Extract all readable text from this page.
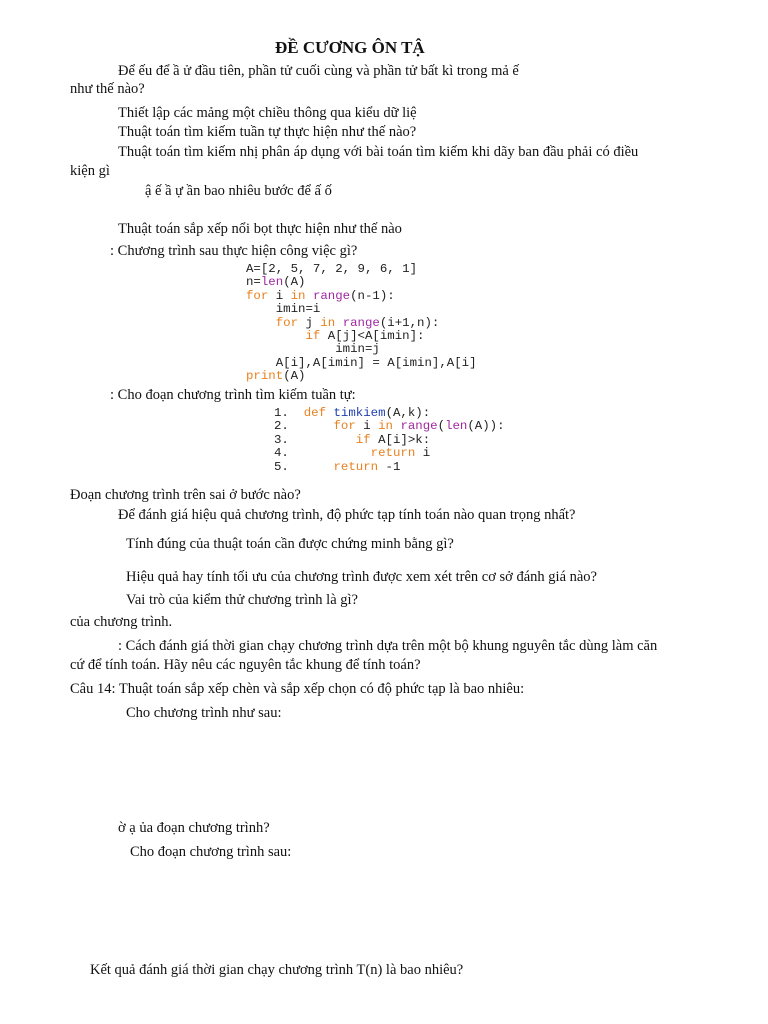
ĐỀ CƯƠNG ÔN TẬ
Để ếu để ầ ử đầu tiên, phần tử cuối cùng và phần tử bất kì trong mả ế
như thế nào?
Thiết lập các mảng một chiều thông qua kiểu dữ liệ
Thuật toán tìm kiếm tuần tự thực hiện như thế nào?
Thuật toán tìm kiếm nhị phân áp dụng với bài toán tìm kiếm khi dãy ban đầu phải có điều
kiện gì
ậ ế ầ ự ần bao nhiêu bước để ấ ố
Thuật toán sắp xếp nổi bọt thực hiện như thế nào
: Chương trình sau thực hiện công việc gì?
A=[2, 5, 7, 2, 9, 6, 1]
n=len(A)
for i in range(n-1):
imin=i
for j in range(i+1,n):
if A[j]<A[imin]:
imin=j
A[i],A[imin] = A[imin],A[i]
print(A)
: Cho đoạn chương trình tìm kiếm tuần tự:
1.  def timkiem(A,k):
2.      for i in range(len(A)):
3.         if A[i]>k:
4.           return i
5.      return -1
Đoạn chương trình trên sai ở bước nào?
Để đánh giá hiệu quả chương trình, độ phức tạp tính toán nào quan trọng nhất?
Tính đúng của thuật toán cần được chứng minh bằng gì?
Hiệu quả hay tính tối ưu của chương trình được xem xét trên cơ sở đánh giá nào?
Vai trò của kiểm thử chương trình là gì?
của chương trình.
: Cách đánh giá thời gian chạy chương trình dựa trên một bộ khung nguyên tắc dùng làm căn
cứ để tính toán. Hãy nêu các nguyên tắc khung để tính toán?
Câu 14: Thuật toán sắp xếp chèn và sắp xếp chọn có độ phức tạp là bao nhiêu:
Cho chương trình như sau:
ờ ạ ủa đoạn chương trình?
Cho đoạn chương trình sau:
Kết quả đánh giá thời gian chạy chương trình T(n) là bao nhiêu?
